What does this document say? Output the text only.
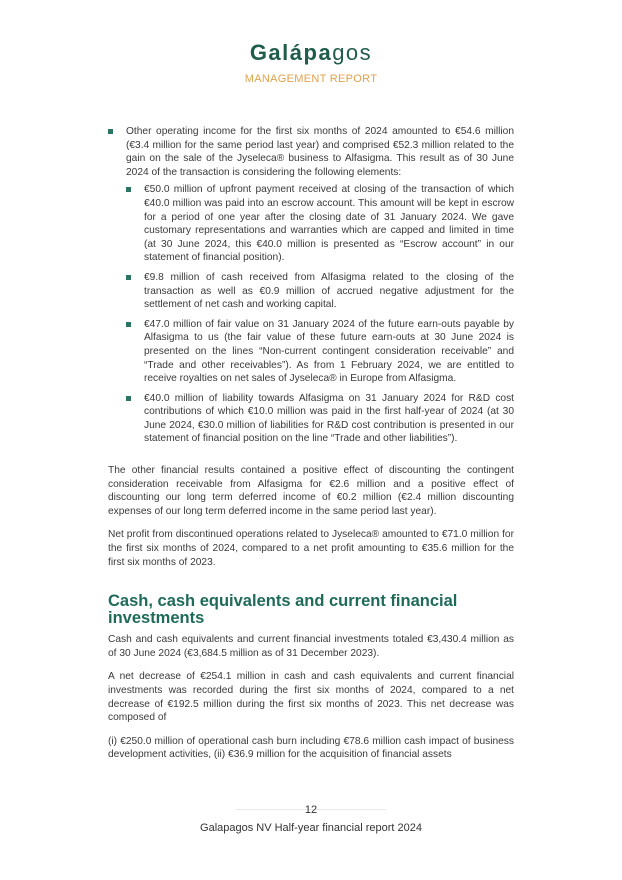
Galápagos
MANAGEMENT REPORT

Other operating income for the first six months of 2024 amounted to €54.6 million (€3.4 million for the same period last year) and comprised €52.3 million related to the gain on the sale of the Jyseleca® business to Alfasigma. This result as of 30 June 2024 of the transaction is considering the following elements:

€50.0 million of upfront payment received at closing of the transaction of which €40.0 million was paid into an escrow account. This amount will be kept in escrow for a period of one year after the closing date of 31 January 2024. We gave customary representations and warranties which are capped and limited in time (at 30 June 2024, this €40.0 million is presented as “Escrow account” in our statement of financial position).
€9.8 million of cash received from Alfasigma related to the closing of the transaction as well as €0.9 million of accrued negative adjustment for the settlement of net cash and working capital.
€47.0 million of fair value on 31 January 2024 of the future earn-outs payable by Alfasigma to us (the fair value of these future earn-outs at 30 June 2024 is presented on the lines “Non-current contingent consideration receivable” and “Trade and other receivables”). As from 1 February 2024, we are entitled to receive royalties on net sales of Jyseleca® in Europe from Alfasigma.
€40.0 million of liability towards Alfasigma on 31 January 2024 for R&D cost contributions of which €10.0 million was paid in the first half-year of 2024 (at 30 June 2024, €30.0 million of liabilities for R&D cost contribution is presented in our statement of financial position on the line “Trade and other liabilities”).

The other financial results contained a positive effect of discounting the contingent consideration receivable from Alfasigma for €2.6 million and a positive effect of discounting our long term deferred income of €0.2 million (€2.4 million discounting expenses of our long term deferred income in the same period last year).

Net profit from discontinued operations related to Jyseleca® amounted to €71.0 million for the first six months of 2024, compared to a net profit amounting to €35.6 million for the first six months of 2023.

Cash, cash equivalents and current financial investments

Cash and cash equivalents and current financial investments totaled €3,430.4 million as of 30 June 2024 (€3,684.5 million as of 31 December 2023).

A net decrease of €254.1 million in cash and cash equivalents and current financial investments was recorded during the first six months of 2024, compared to a net decrease of €192.5 million during the first six months of 2023. This net decrease was composed of

(i) €250.0 million of operational cash burn including €78.6 million cash impact of business development activities, (ii) €36.9 million for the acquisition of financial assets

12
Galapagos NV Half-year financial report 2024
